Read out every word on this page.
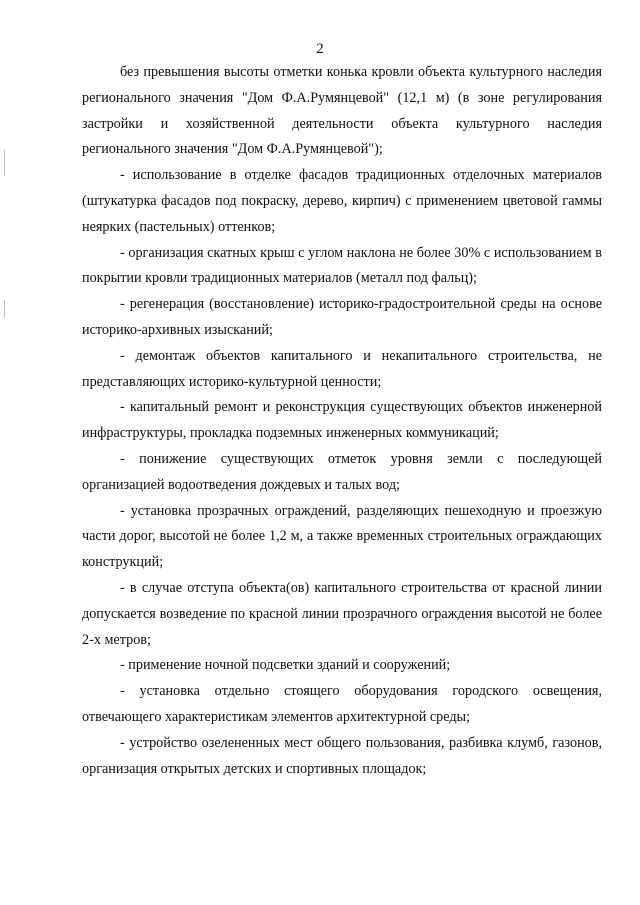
2

без превышения высоты отметки конька кровли объекта культурного наследия регионального значения "Дом Ф.А.Румянцевой" (12,1 м) (в зоне регулирования застройки и хозяйственной деятельности объекта культурного наследия регионального значения "Дом Ф.А.Румянцевой");

- использование в отделке фасадов традиционных отделочных материалов (штукатурка фасадов под покраску, дерево, кирпич) с применением цветовой гаммы неярких (пастельных) оттенков;

- организация скатных крыш с углом наклона не более 30% с использованием в покрытии кровли традиционных материалов (металл под фальц);

- регенерация (восстановление) историко-градостроительной среды на основе историко-архивных изысканий;

- демонтаж объектов капитального и некапитального строительства, не представляющих историко-культурной ценности;

- капитальный ремонт и реконструкция существующих объектов инженерной инфраструктуры, прокладка подземных инженерных коммуникаций;

- понижение существующих отметок уровня земли с последующей организацией водоотведения дождевых и талых вод;

- установка прозрачных ограждений, разделяющих пешеходную и проезжую части дорог, высотой не более 1,2 м, а также временных строительных ограждающих конструкций;

- в случае отступа объекта(ов) капитального строительства от красной линии допускается возведение по красной линии прозрачного ограждения высотой не более 2-х метров;

- применение ночной подсветки зданий и сооружений;

- установка отдельно стоящего оборудования городского освещения, отвечающего характеристикам элементов архитектурной среды;

- устройство озелененных мест общего пользования, разбивка клумб, газонов, организация открытых детских и спортивных площадок;
